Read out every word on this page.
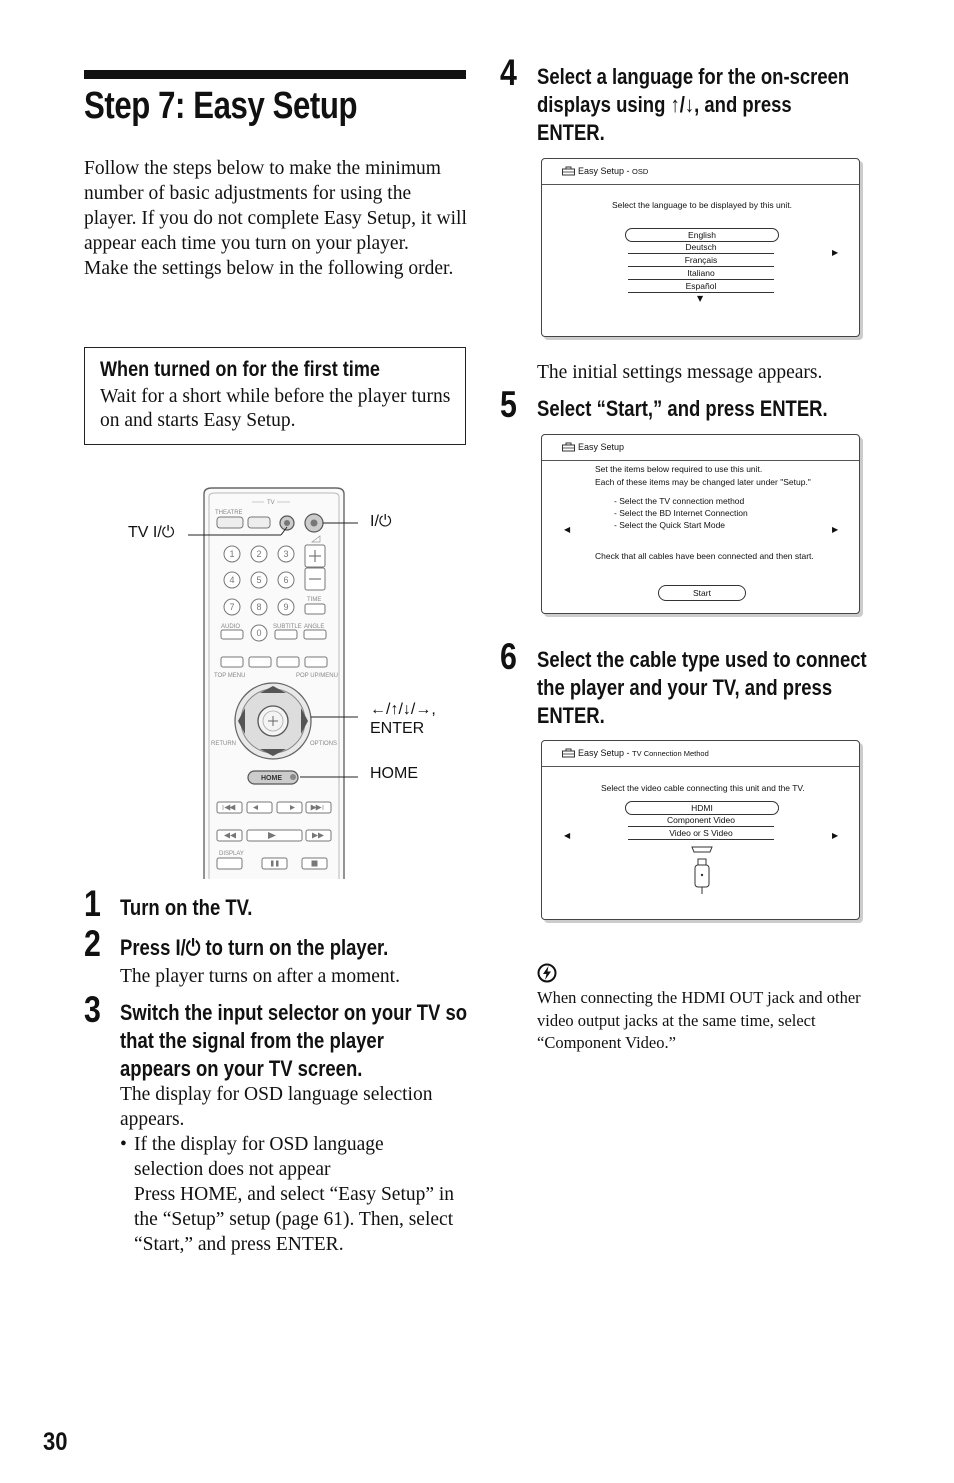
Step 7: Easy Setup
Follow the steps below to make the minimum number of basic adjustments for using the player. If you do not complete Easy Setup, it will appear each time you turn on your player.
Make the settings below in the following order.
When turned on for the first time
Wait for a short while before the player turns on and starts Easy Setup.
TV
THEATRE
1 2 3
4 5 6
7 8 9
0
TIME
AUDIO	SUBTITLE ANGLE
TOP MENU	POP UP/MENU
RETURN	OPTIONS
HOME
DISPLAY
TV I/⏻
I/⏻
←/↑/↓/→,
ENTER
HOME
1 Turn on the TV.
2 Press I/⏻ to turn on the player.
The player turns on after a moment.
3 Switch the input selector on your TV so
that the signal from the player
appears on your TV screen.
The display for OSD language selection appears.
• If the display for OSD language selection does not appear
Press HOME, and select “Easy Setup” in the “Setup” setup (page 61). Then, select “Start,” and press ENTER.
4 Select a language for the on-screen
displays using ↑/↓, and press
ENTER.
Easy Setup - OSD
Select the language to be displayed by this unit.
English
Deutsch
Français
Italiano
Español
▼
▶
The initial settings message appears.
5 Select “Start,” and press ENTER.
Easy Setup
Set the items below required to use this unit.
Each of these items may be changed later under "Setup."
- Select the TV connection method
- Select the BD Internet Connection
- Select the Quick Start Mode
◀	▶
Check that all cables have been connected and then start.
Start
6 Select the cable type used to connect
the player and your TV, and press
ENTER.
Easy Setup - TV Connection Method
Select the video cable connecting this unit and the TV.
HDMI
Component Video
Video or S Video
◀	▶
When connecting the HDMI OUT jack and other video output jacks at the same time, select “Component Video.”
30
